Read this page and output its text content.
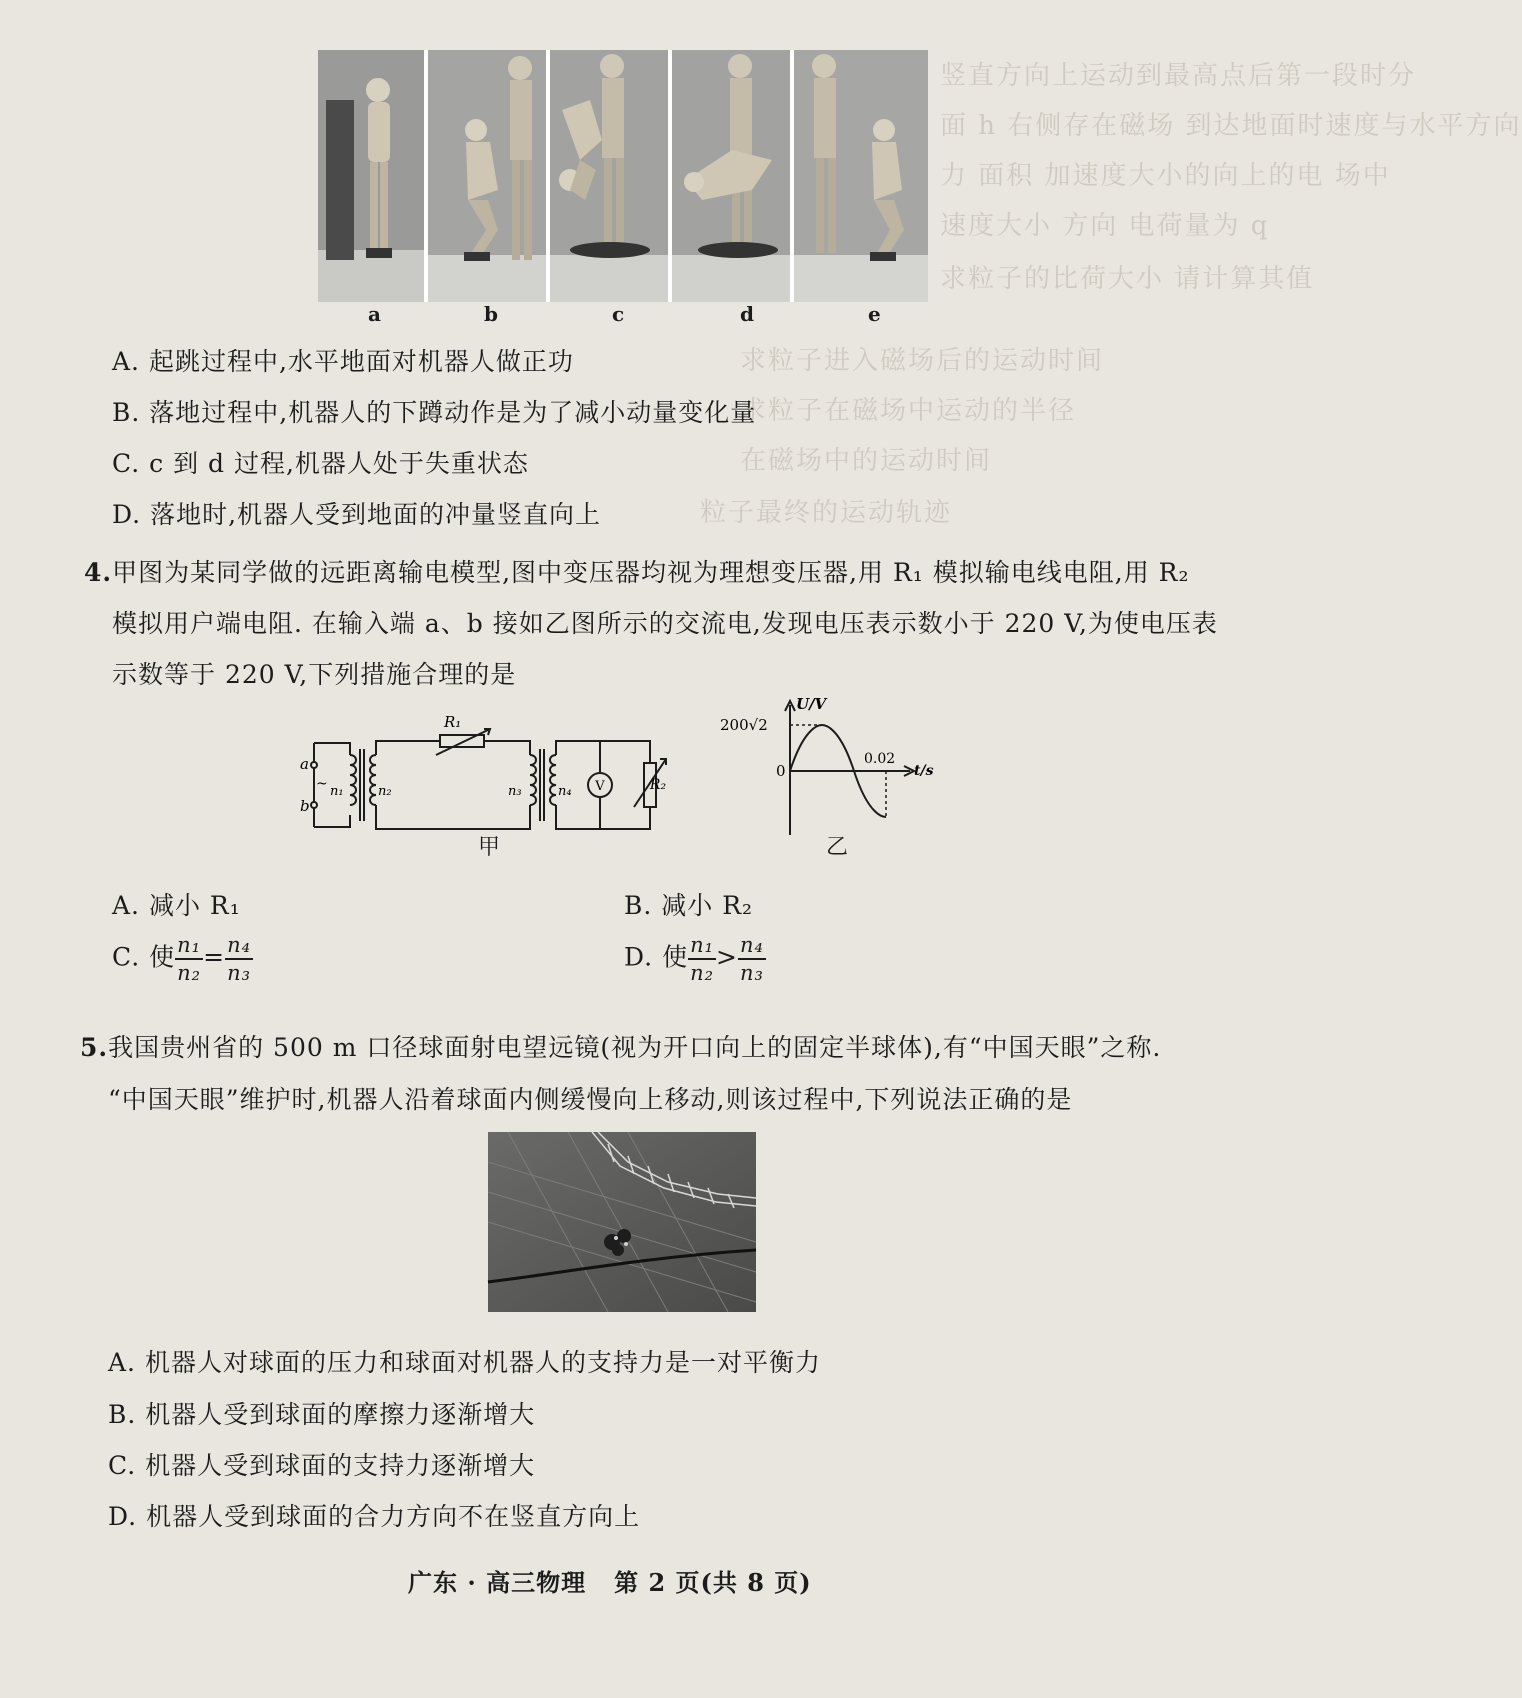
竖直方向上运动到最高点后第一段时分
面 h 右侧存在磁场 到达地面时速度与水平方向
力 面积 加速度大小的向上的电 场中
速度大小 方向 电荷量为 q
求粒子的比荷大小 请计算其值
求粒子进入磁场后的运动时间
求粒子在磁场中运动的半径
在磁场中的运动时间
粒子最终的运动轨迹
a	b	c	d	e
A. 起跳过程中,水平地面对机器人做正功
B. 落地过程中,机器人的下蹲动作是为了减小动量变化量
C. c 到 d 过程,机器人处于失重状态
D. 落地时,机器人受到地面的冲量竖直向上
4.甲图为某同学做的远距离输电模型,图中变压器均视为理想变压器,用 R₁ 模拟输电线电阻,用 R₂
模拟用户端电阻. 在输入端 a、b 接如乙图所示的交流电,发现电压表示数小于 220 V,为使电压表
示数等于 220 V,下列措施合理的是
~
a
b
n₁	n₂	n₃	n₄
R₁
R₂
V
甲
U/V
t/s
200√2
0
0.02
乙
A. 减小 R₁	B. 减小 R₂
C. 使 $\frac{\text{n₁}}{\text{n₂}} = \frac{\text{n₄}}{\text{n₃}}$	D. 使 $\frac{\text{n₁}}{\text{n₂}} > \frac{\text{n₄}}{\text{n₃}}$
5.我国贵州省的 500 m 口径球面射电望远镜(视为开口向上的固定半球体),有“中国天眼”之称.
“中国天眼”维护时,机器人沿着球面内侧缓慢向上移动,则该过程中,下列说法正确的是
A. 机器人对球面的压力和球面对机器人的支持力是一对平衡力
B. 机器人受到球面的摩擦力逐渐增大
C. 机器人受到球面的支持力逐渐增大
D. 机器人受到球面的合力方向不在竖直方向上
广东 · 高三物理   第 2 页(共 8 页)
